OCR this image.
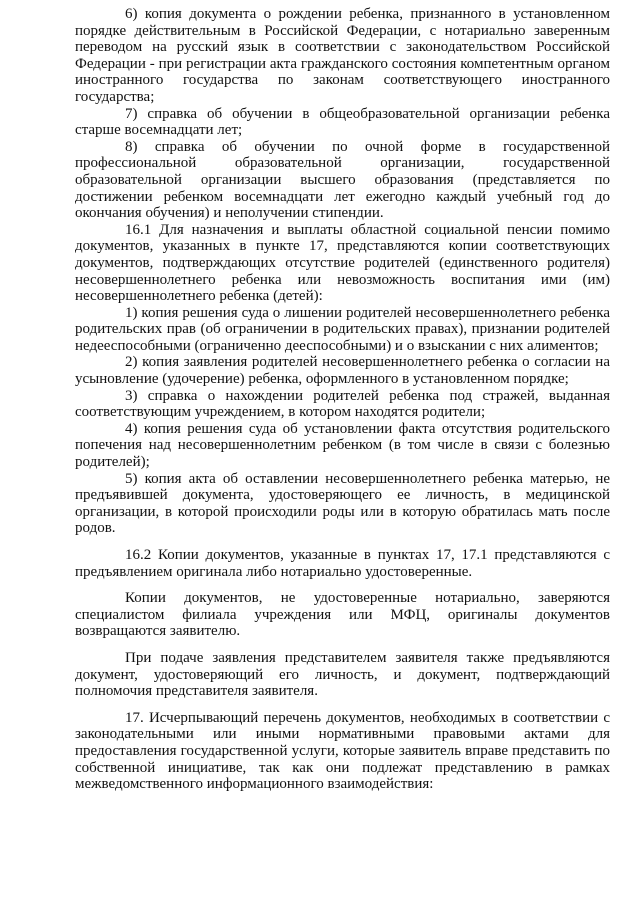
6) копия документа о рождении ребенка, признанного в установленном порядке действительным в Российской Федерации, с нотариально заверенным переводом на русский язык в соответствии с законодательством Российской Федерации - при регистрации акта гражданского состояния компетентным органом иностранного государства по законам соответствующего иностранного государства;

7) справка об обучении в общеобразовательной организации ребенка старше восемнадцати лет;

8) справка об обучении по очной форме в государственной профессиональной образовательной организации, государственной образовательной организации высшего образования (представляется по достижении ребенком восемнадцати лет ежегодно каждый учебный год до окончания обучения) и неполучении стипендии.

16.1 Для назначения и выплаты областной социальной пенсии помимо документов, указанных в пункте 17, представляются копии соответствующих документов, подтверждающих отсутствие родителей (единственного родителя) несовершеннолетнего ребенка или невозможность воспитания ими (им) несовершеннолетнего ребенка (детей):

1) копия решения суда о лишении родителей несовершеннолетнего ребенка родительских прав (об ограничении в родительских правах), признании родителей недееспособными (ограниченно дееспособными) и о взыскании с них алиментов;

2) копия заявления родителей несовершеннолетнего ребенка о согласии на усыновление (удочерение) ребенка, оформленного в установленном порядке;

3) справка о нахождении родителей ребенка под стражей, выданная соответствующим учреждением, в котором находятся родители;

4) копия решения суда об установлении факта отсутствия родительского попечения над несовершеннолетним ребенком (в том числе в связи с болезнью родителей);

5) копия акта об оставлении несовершеннолетнего ребенка матерью, не предъявившей документа, удостоверяющего ее личность, в медицинской организации, в которой происходили роды или в которую обратилась мать после родов.

16.2 Копии документов, указанные в пунктах 17, 17.1 представляются с предъявлением оригинала либо нотариально удостоверенные.

Копии документов, не удостоверенные нотариально, заверяются специалистом филиала учреждения или МФЦ, оригиналы документов возвращаются заявителю.

При подаче заявления представителем заявителя также предъявляются документ, удостоверяющий его личность, и документ, подтверждающий полномочия представителя заявителя.

17. Исчерпывающий перечень документов, необходимых в соответствии с законодательными или иными нормативными правовыми актами для предоставления государственной услуги, которые заявитель вправе представить по собственной инициативе, так как они подлежат представлению в рамках межведомственного информационного взаимодействия:
